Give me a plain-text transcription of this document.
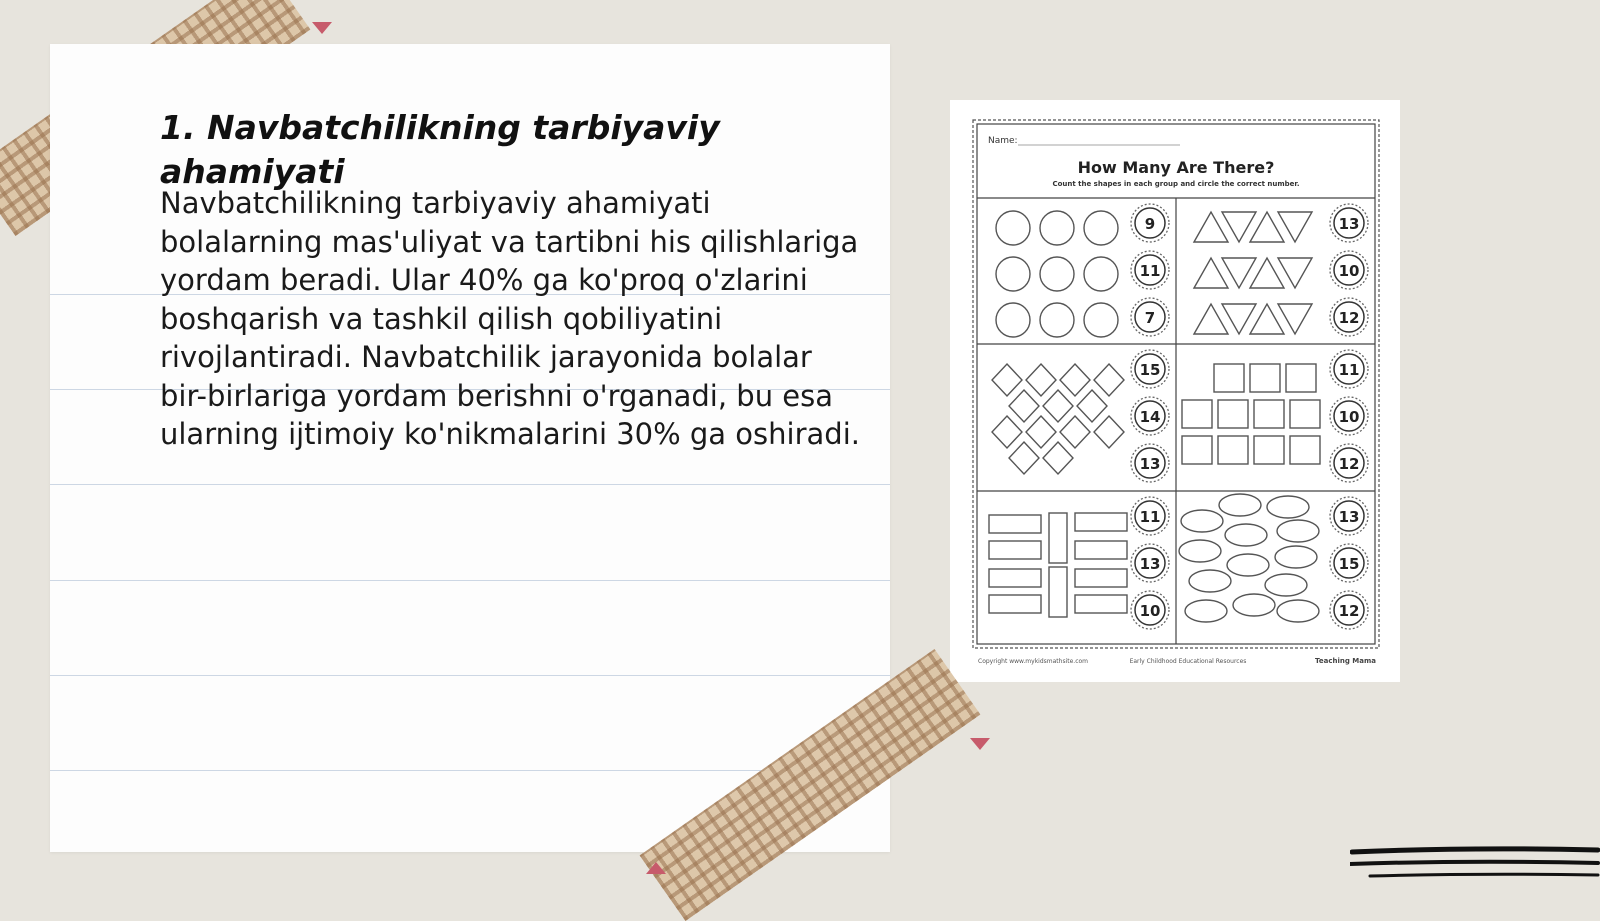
1. Navbatchilikning tarbiyaviy ahamiyati

Navbatchilikning tarbiyaviy ahamiyati bolalarning mas'uliyat va tartibni his qilishlariga yordam beradi. Ular 40% ga ko'proq o'zlarini boshqarish va tashkil qilish qobiliyatini rivojlantiradi. Navbatchilik jarayonida bolalar bir-birlariga yordam berishni o'rganadi, bu esa ularning ijtimoiy ko'nikmalarini 30% ga oshiradi.

Name:
How Many Are There?
Count the shapes in each group and circle the correct number.
9
11
7
13
10
12
15
14
13
11
10
12
11
13
10
13
15
12
Copyright www.mykidsmathsite.com	Early Childhood Educational Resources	Teaching Mama
